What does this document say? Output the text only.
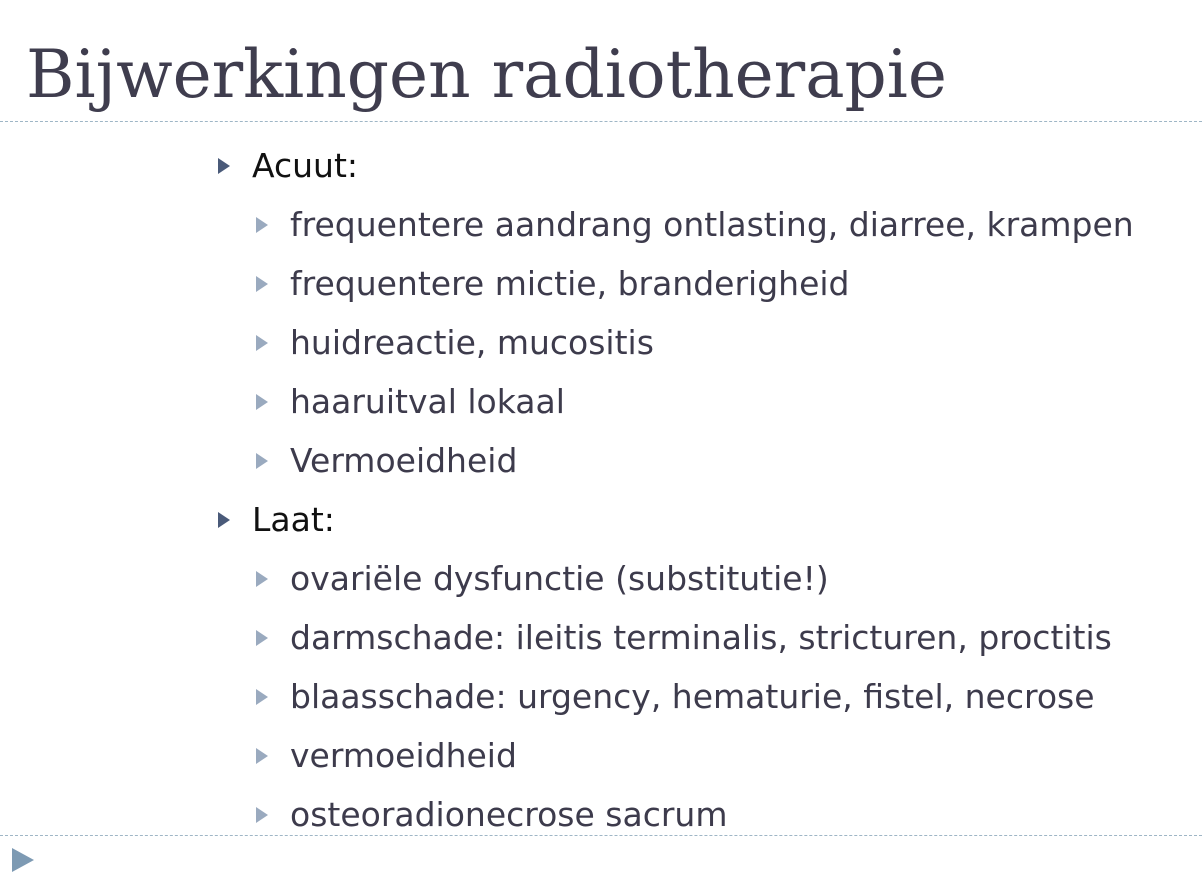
Bijwerkingen radiotherapie
Acuut:
frequentere aandrang ontlasting, diarree, krampen
frequentere mictie, branderigheid
huidreactie, mucositis
haaruitval lokaal
Vermoeidheid
Laat:
ovariële dysfunctie (substitutie!)
darmschade: ileitis terminalis, stricturen, proctitis
blaasschade: urgency, hematurie, fistel, necrose
vermoeidheid
osteoradionecrose sacrum
